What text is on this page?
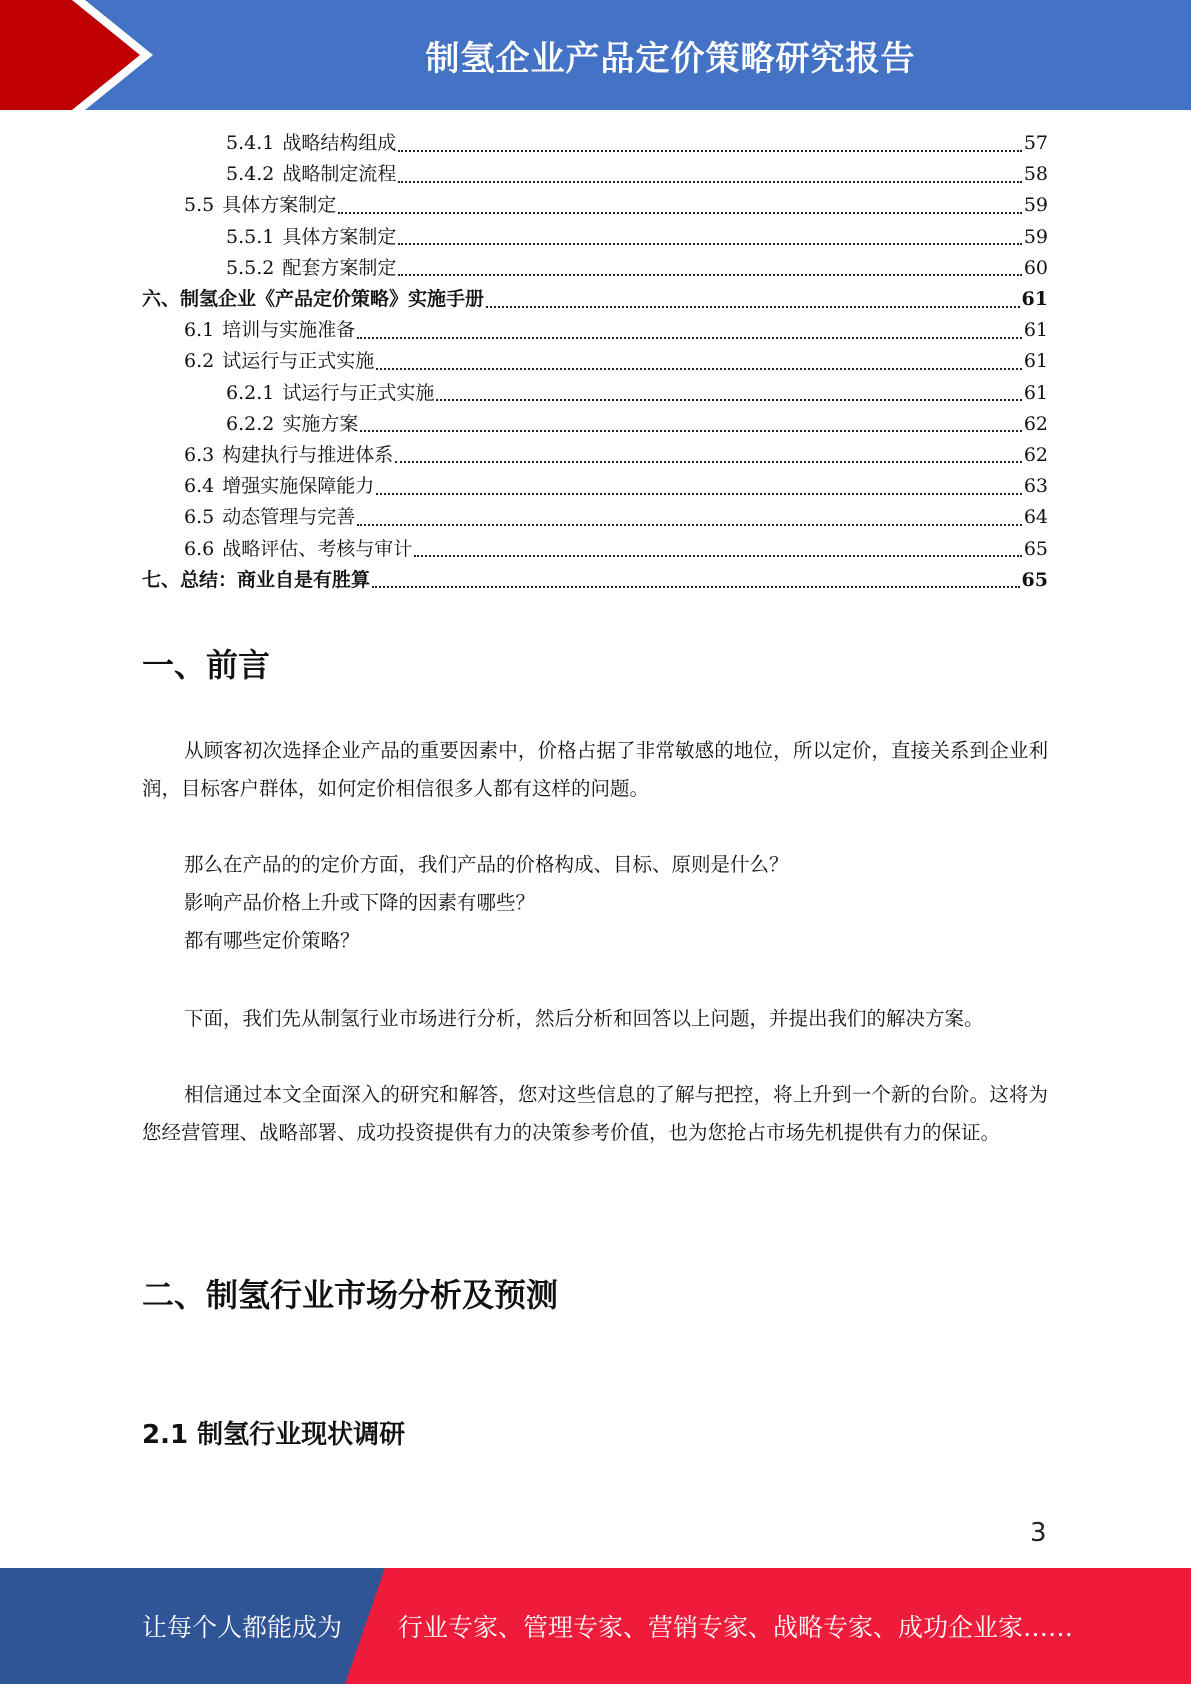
制氢企业产品定价策略研究报告
5.4.1 战略结构组成	57
5.4.2 战略制定流程	58
5.5 具体方案制定	59
5.5.1 具体方案制定	59
5.5.2 配套方案制定	60
六、制氢企业《产品定价策略》实施手册	61
6.1 培训与实施准备	61
6.2 试运行与正式实施	61
6.2.1 试运行与正式实施	61
6.2.2 实施方案	62
6.3 构建执行与推进体系	62
6.4 增强实施保障能力	63
6.5 动态管理与完善	64
6.6 战略评估、考核与审计	65
七、总结：商业自是有胜算	65
一、前言

从顾客初次选择企业产品的重要因素中，价格占据了非常敏感的地位，所以定价，直接关系到企业利润，目标客户群体，如何定价相信很多人都有这样的问题。

那么在产品的的定价方面，我们产品的价格构成、目标、原则是什么？
影响产品价格上升或下降的因素有哪些？
都有哪些定价策略？

下面，我们先从制氢行业市场进行分析，然后分析和回答以上问题，并提出我们的解决方案。

相信通过本文全面深入的研究和解答，您对这些信息的了解与把控，将上升到一个新的台阶。这将为您经营管理、战略部署、成功投资提供有力的决策参考价值，也为您抢占市场先机提供有力的保证。

二、制氢行业市场分析及预测
2.1 制氢行业现状调研
3
让每个人都能成为 行业专家、管理专家、营销专家、战略专家、成功企业家……
